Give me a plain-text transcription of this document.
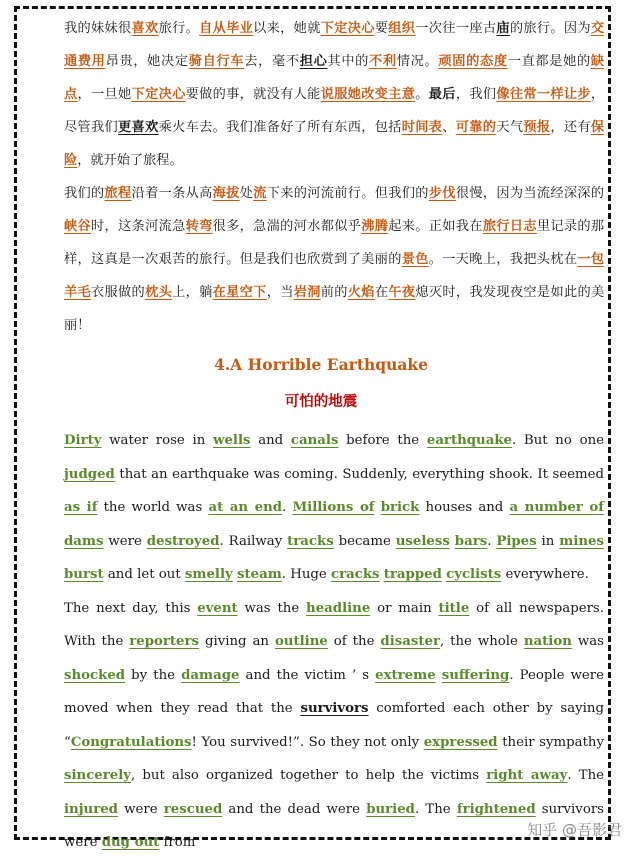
我的妹妹很喜欢旅行。自从毕业以来，她就下定决心要组织一次往一座古庙的旅行。因为交通费用昂贵，她决定骑自行车去，毫不担心其中的不利情况。顽固的态度一直都是她的缺点，一旦她下定决心要做的事，就没有人能说服她改变主意。最后，我们像往常一样让步，尽管我们更喜欢乘火车去。我们准备好了所有东西，包括时间表、可靠的天气预报，还有保险，就开始了旅程。

我们的旅程沿着一条从高海拔处流下来的河流前行。但我们的步伐很慢，因为当流经深深的峡谷时，这条河流急转弯很多，急湍的河水都似乎沸腾起来。正如我在旅行日志里记录的那样，这真是一次艰苦的旅行。但是我们也欣赏到了美丽的景色。一天晚上，我把头枕在一包羊毛衣服做的枕头上，躺在星空下，当岩洞前的火焰在午夜熄灭时，我发现夜空是如此的美丽！

4.A Horrible Earthquake
可怕的地震

Dirty water rose in wells and canals before the earthquake. But no one judged that an earthquake was coming. Suddenly, everything shook. It seemed as if the world was at an end. Millions of brick houses and a number of dams were destroyed. Railway tracks became useless bars. Pipes in mines burst and let out smelly steam. Huge cracks trapped cyclists everywhere.

The next day, this event was the headline or main title of all newspapers. With the reporters giving an outline of the disaster, the whole nation was shocked by the damage and the victim ’ s extreme suffering. People were moved when they read that the survivors comforted each other by saying “Congratulations! You survived!”. So they not only expressed their sympathy sincerely, but also organized together to help the victims right away. The injured were rescued and the dead were buried. The frightened survivors were dug out from

知乎 @吾影君
